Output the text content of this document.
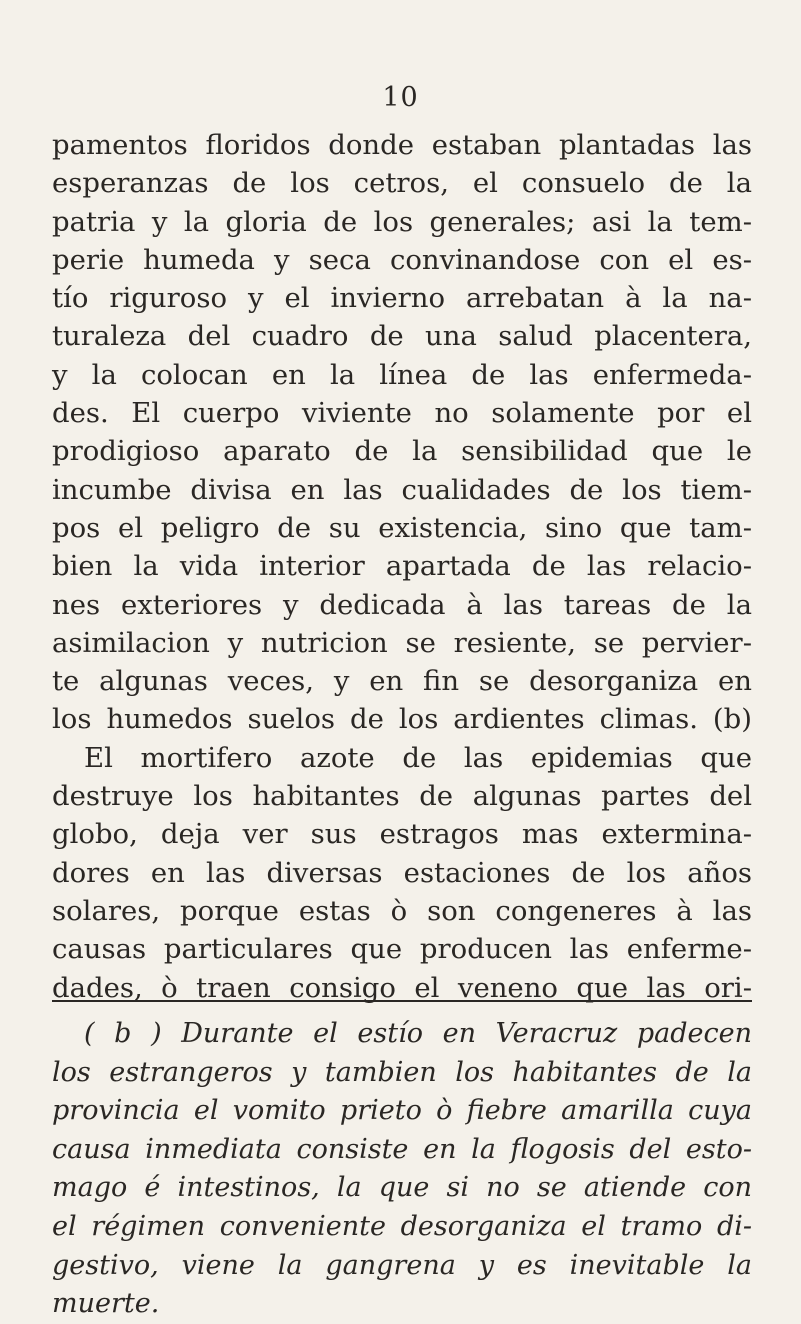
10
pamentos floridos donde estaban plantadas las
esperanzas de los cetros, el consuelo de la
patria y la gloria de los generales; asi la tem-
perie humeda y seca convinandose con el es-
tío riguroso y el invierno arrebatan à la na-
turaleza del cuadro de una salud placentera,
y la colocan en la línea de las enfermeda-
des. El cuerpo viviente no solamente por el
prodigioso aparato de la sensibilidad que le
incumbe divisa en las cualidades de los tiem-
pos el peligro de su existencia, sino que tam-
bien la vida interior apartada de las relacio-
nes exteriores y dedicada à las tareas de la
asimilacion y nutricion se resiente, se pervier-
te algunas veces, y en fin se desorganiza en
los humedos suelos de los ardientes climas. (b)
El mortifero azote de las epidemias que
destruye los habitantes de algunas partes del
globo, deja ver sus estragos mas extermina-
dores en las diversas estaciones de los años
solares, porque estas ò son congeneres à las
causas particulares que producen las enferme-
dades, ò traen consigo el veneno que las ori-
( b ) Durante el estío en Veracruz padecen
los estrangeros y tambien los habitantes de la
provincia el vomito prieto ò fiebre amarilla cuya
causa inmediata consiste en la flogosis del esto-
mago é intestinos, la que si no se atiende con
el régimen conveniente desorganiza el tramo di-
gestivo, viene la gangrena y es inevitable la
muerte.
